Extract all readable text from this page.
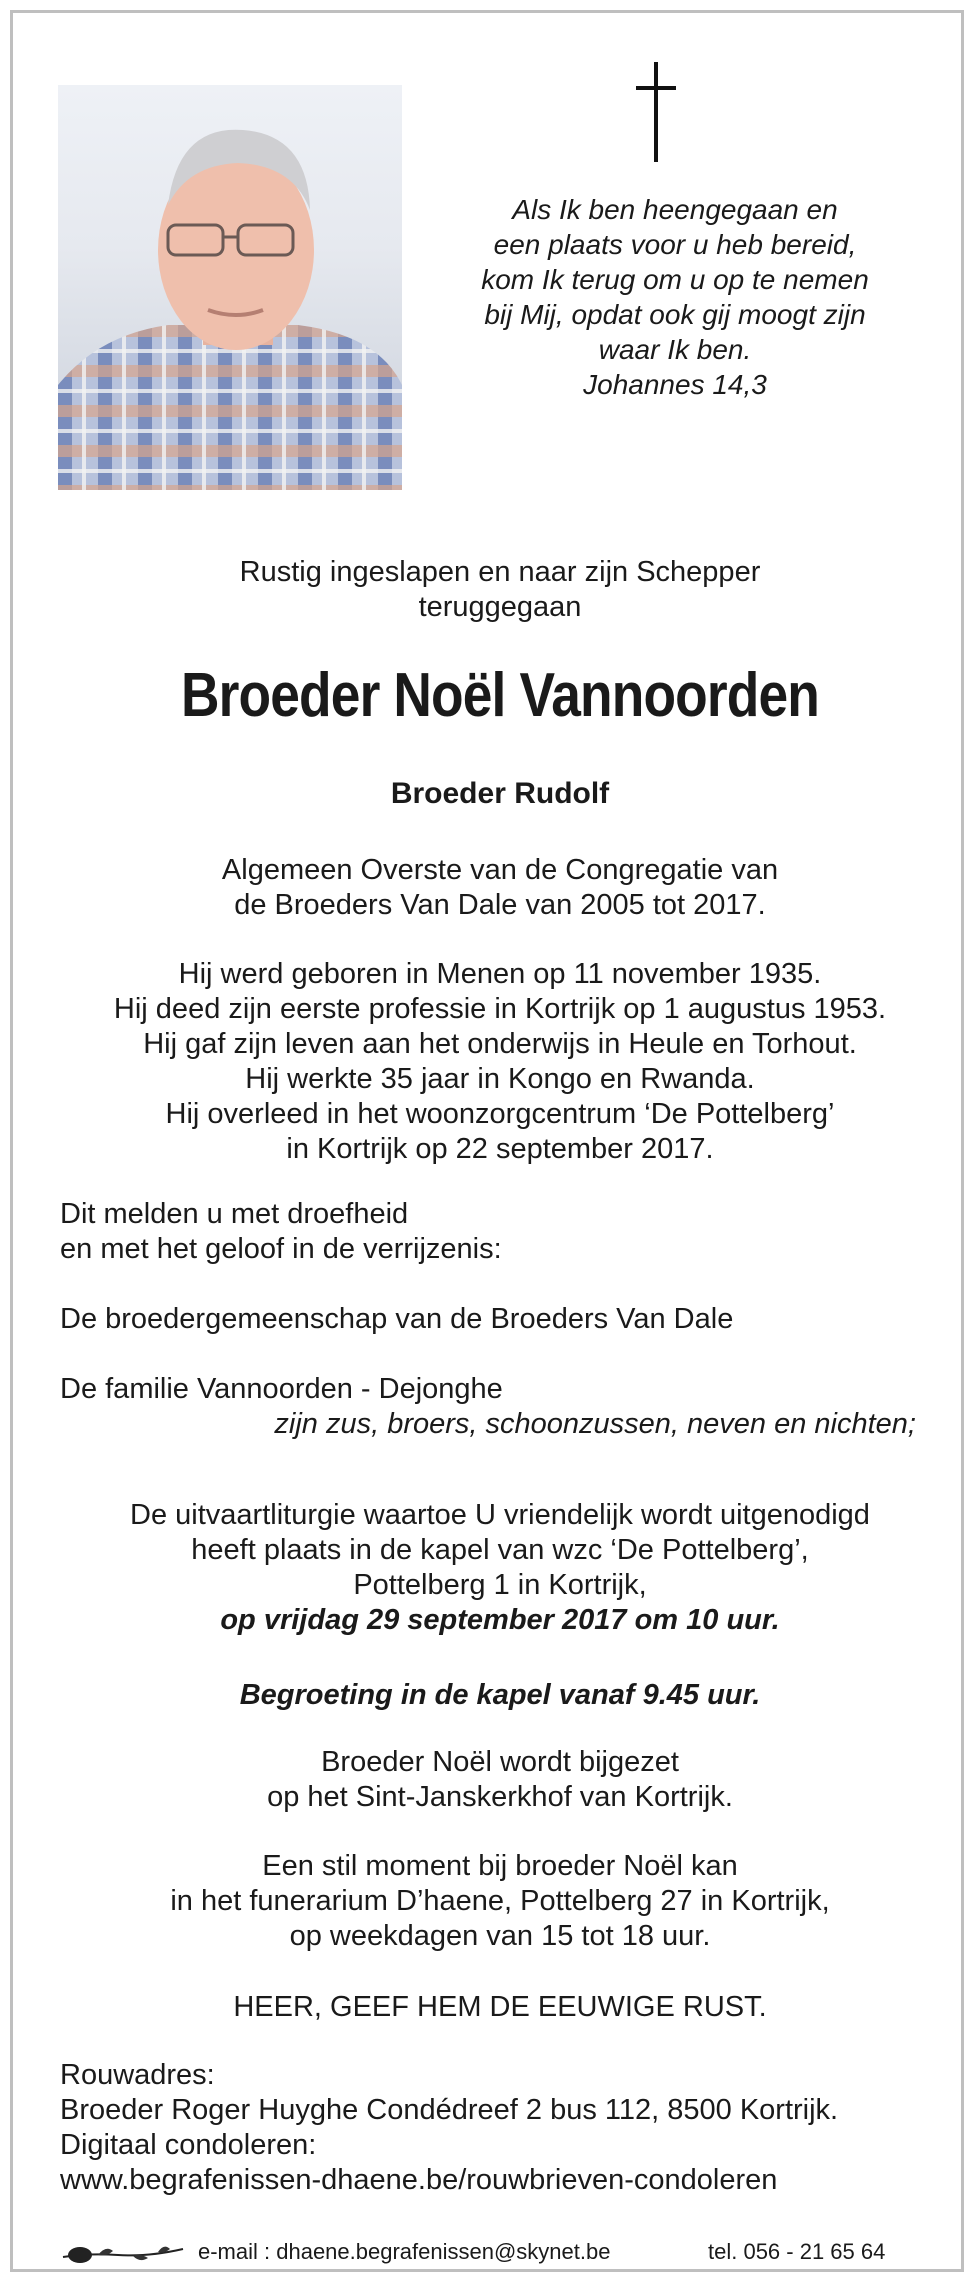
Als Ik ben heengegaan en
een plaats voor u heb bereid,
kom Ik terug om u op te nemen
bij Mij, opdat ook gij moogt zijn
waar Ik ben.
Johannes 14,3
Rustig ingeslapen en naar zijn Schepper
teruggegaan
Broeder Noël Vannoorden
Broeder Rudolf
Algemeen Overste van de Congregatie van
de Broeders Van Dale van 2005 tot 2017.
Hij werd geboren in Menen op 11 november 1935.
Hij deed zijn eerste professie in Kortrijk op 1 augustus 1953.
Hij gaf zijn leven aan het onderwijs in Heule en Torhout.
Hij werkte 35 jaar in Kongo en Rwanda.
Hij overleed in het woonzorgcentrum ‘De Pottelberg’
in Kortrijk op 22 september 2017.
Dit melden u met droefheid
en met het geloof in de verrijzenis:
De broedergemeenschap van de Broeders Van Dale
De familie Vannoorden - Dejonghe
zijn zus, broers, schoonzussen, neven en nichten;
De uitvaartliturgie waartoe U vriendelijk wordt uitgenodigd
heeft plaats in de kapel van wzc ‘De Pottelberg’,
Pottelberg 1 in Kortrijk,
op vrijdag 29 september 2017 om 10 uur.
Begroeting in de kapel vanaf 9.45 uur.
Broeder Noël wordt bijgezet
op het Sint-Janskerkhof van Kortrijk.
Een stil moment bij broeder Noël kan
in het funerarium D’haene, Pottelberg 27 in Kortrijk,
op weekdagen van 15 tot 18 uur.
HEER, GEEF HEM DE EEUWIGE RUST.
Rouwadres:
Broeder Roger Huyghe Condédreef 2 bus 112, 8500 Kortrijk.
Digitaal condoleren:
www.begrafenissen-dhaene.be/rouwbrieven-condoleren
e-mail : dhaene.begrafenissen@skynet.be	tel. 056 - 21 65 64
